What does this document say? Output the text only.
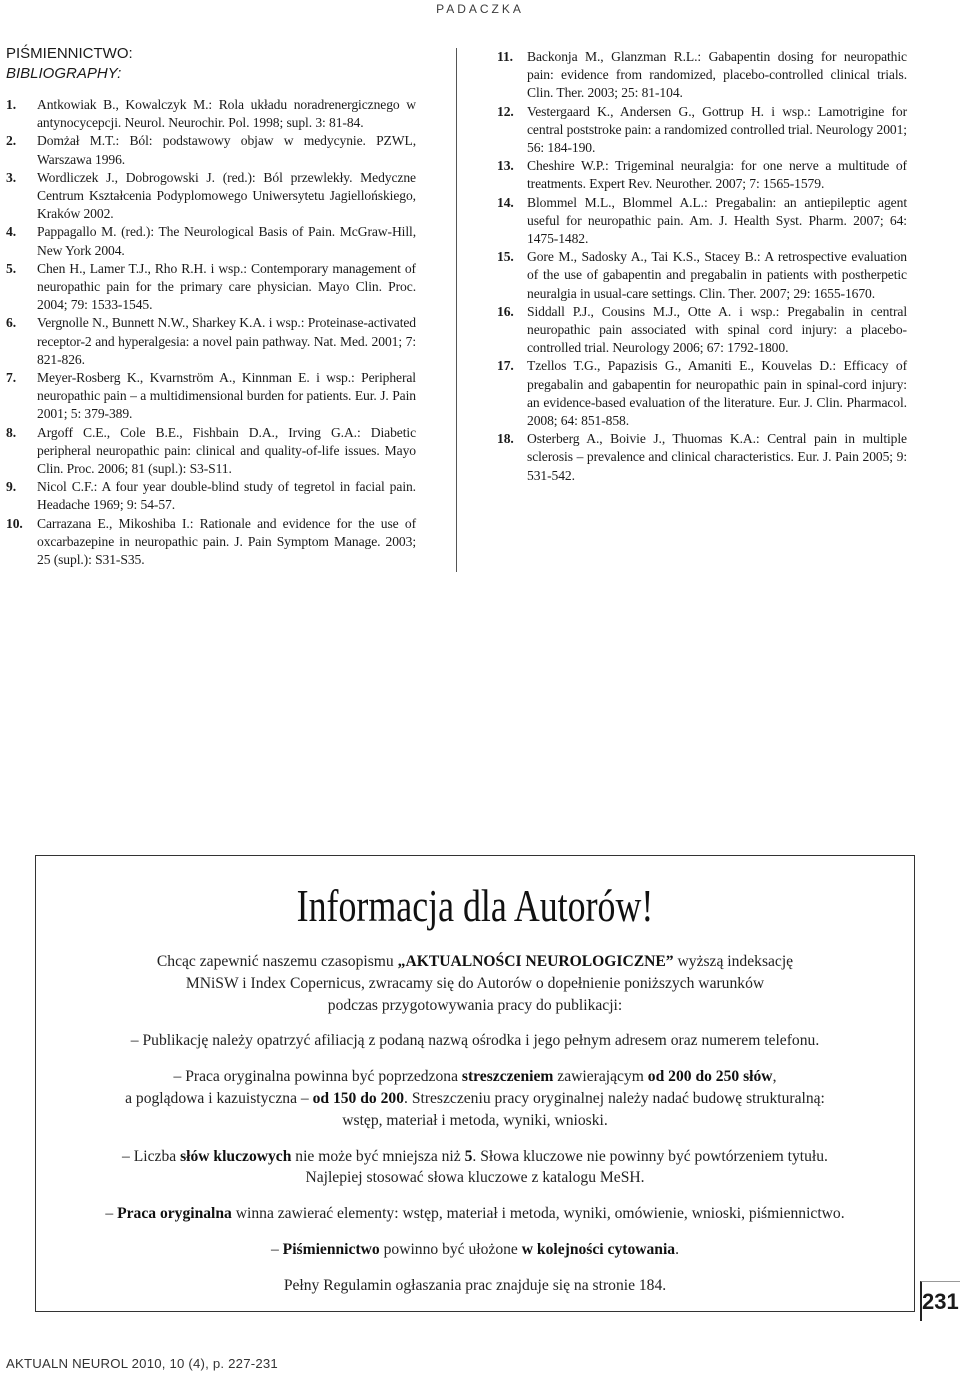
PADACZKA
PIŚMIENNICTWO:
BIBLIOGRAPHY:
1. Antkowiak B., Kowalczyk M.: Rola układu noradrenergicznego w antynocycepcji. Neurol. Neurochir. Pol. 1998; supl. 3: 81-84.
2. Domżał M.T.: Ból: podstawowy objaw w medycynie. PZWL, Warszawa 1996.
3. Wordliczek J., Dobrogowski J. (red.): Ból przewlekły. Medyczne Centrum Kształcenia Podyplomowego Uniwersytetu Jagiellońskiego, Kraków 2002.
4. Pappagallo M. (red.): The Neurological Basis of Pain. McGraw-Hill, New York 2004.
5. Chen H., Lamer T.J., Rho R.H. i wsp.: Contemporary management of neuropathic pain for the primary care physician. Mayo Clin. Proc. 2004; 79: 1533-1545.
6. Vergnolle N., Bunnett N.W., Sharkey K.A. i wsp.: Proteinase-activated receptor-2 and hyperalgesia: a novel pain pathway. Nat. Med. 2001; 7: 821-826.
7. Meyer-Rosberg K., Kvarnström A., Kinnman E. i wsp.: Peripheral neuropathic pain – a multidimensional burden for patients. Eur. J. Pain 2001; 5: 379-389.
8. Argoff C.E., Cole B.E., Fishbain D.A., Irving G.A.: Diabetic peripheral neuropathic pain: clinical and quality-of-life issues. Mayo Clin. Proc. 2006; 81 (supl.): S3-S11.
9. Nicol C.F.: A four year double-blind study of tegretol in facial pain. Headache 1969; 9: 54-57.
10. Carrazana E., Mikoshiba I.: Rationale and evidence for the use of oxcarbazepine in neuropathic pain. J. Pain Symptom Manage. 2003; 25 (supl.): S31-S35.
11. Backonja M., Glanzman R.L.: Gabapentin dosing for neuropathic pain: evidence from randomized, placebo-controlled clinical trials. Clin. Ther. 2003; 25: 81-104.
12. Vestergaard K., Andersen G., Gottrup H. i wsp.: Lamotrigine for central poststroke pain: a randomized controlled trial. Neurology 2001; 56: 184-190.
13. Cheshire W.P.: Trigeminal neuralgia: for one nerve a multitude of treatments. Expert Rev. Neurother. 2007; 7: 1565-1579.
14. Blommel M.L., Blommel A.L.: Pregabalin: an antiepileptic agent useful for neuropathic pain. Am. J. Health Syst. Pharm. 2007; 64: 1475-1482.
15. Gore M., Sadosky A., Tai K.S., Stacey B.: A retrospective evaluation of the use of gabapentin and pregabalin in patients with postherpetic neuralgia in usual-care settings. Clin. Ther. 2007; 29: 1655-1670.
16. Siddall P.J., Cousins M.J., Otte A. i wsp.: Pregabalin in central neuropathic pain associated with spinal cord injury: a placebo-controlled trial. Neurology 2006; 67: 1792-1800.
17. Tzellos T.G., Papazisis G., Amaniti E., Kouvelas D.: Efficacy of pregabalin and gabapentin for neuropathic pain in spinal-cord injury: an evidence-based evaluation of the literature. Eur. J. Clin. Pharmacol. 2008; 64: 851-858.
18. Osterberg A., Boivie J., Thuomas K.A.: Central pain in multiple sclerosis – prevalence and clinical characteristics. Eur. J. Pain 2005; 9: 531-542.
Informacja dla Autorów!

Chcąc zapewnić naszemu czasopismu „AKTUALNOŚCI NEUROLOGICZNE” wyższą indeksację
MNiSW i Index Copernicus, zwracamy się do Autorów o dopełnienie poniższych warunków
podczas przygotowywania pracy do publikacji:

– Publikację należy opatrzyć afiliacją z podaną nazwą ośrodka i jego pełnym adresem oraz numerem telefonu.

– Praca oryginalna powinna być poprzedzona streszczeniem zawierającym od 200 do 250 słów,
a poglądowa i kazuistyczna – od 150 do 200. Streszczeniu pracy oryginalnej należy nadać budowę strukturalną:
wstęp, materiał i metoda, wyniki, wnioski.

– Liczba słów kluczowych nie może być mniejsza niż 5. Słowa kluczowe nie powinny być powtórzeniem tytułu.
Najlepiej stosować słowa kluczowe z katalogu MeSH.

– Praca oryginalna winna zawierać elementy: wstęp, materiał i metoda, wyniki, omówienie, wnioski, piśmiennictwo.

– Piśmiennictwo powinno być ułożone w kolejności cytowania.

Pełny Regulamin ogłaszania prac znajduje się na stronie 184.

231
AKTUALN NEUROL 2010, 10 (4), p. 227-231
